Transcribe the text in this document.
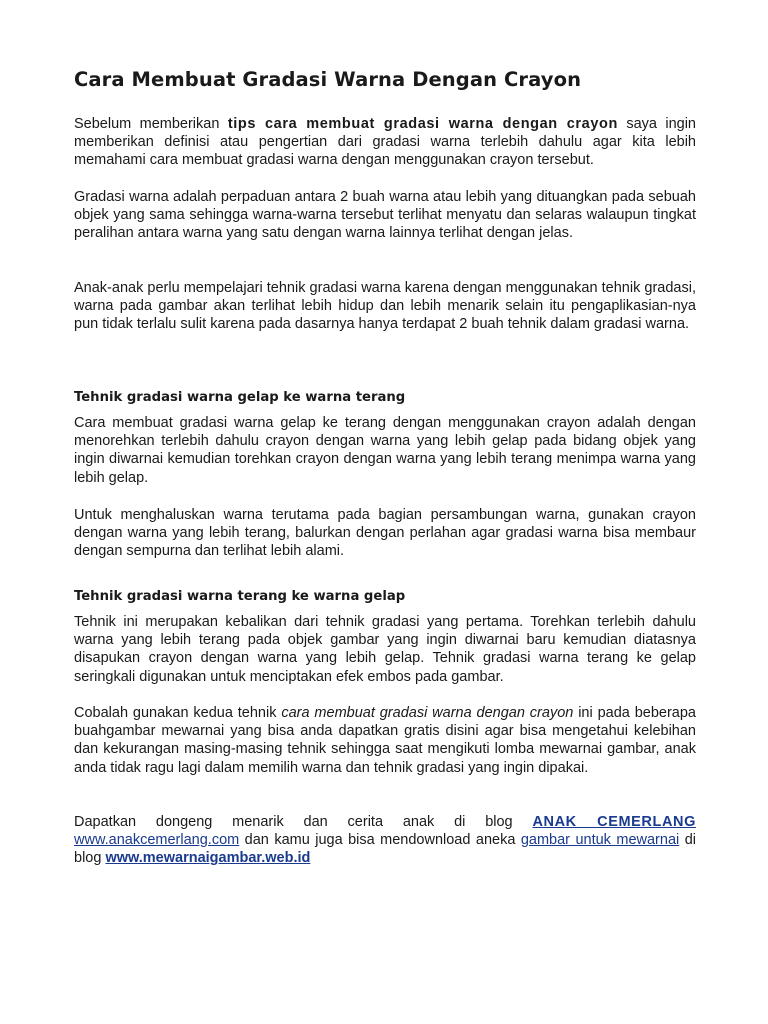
Cara Membuat Gradasi Warna Dengan Crayon

Sebelum memberikan tips cara membuat gradasi warna dengan crayon saya ingin memberikan definisi atau pengertian dari gradasi warna terlebih dahulu agar kita lebih memahami cara membuat gradasi warna dengan menggunakan crayon tersebut.

Gradasi warna adalah perpaduan antara 2 buah warna atau lebih yang dituangkan pada sebuah objek yang sama sehingga warna-warna tersebut terlihat menyatu dan selaras walaupun tingkat peralihan antara warna yang satu dengan warna lainnya terlihat dengan jelas.

Anak-anak perlu mempelajari tehnik gradasi warna karena dengan menggunakan tehnik gradasi, warna pada gambar akan terlihat lebih hidup dan lebih menarik selain itu pengaplikasian-nya pun tidak terlalu sulit karena pada dasarnya hanya terdapat 2 buah tehnik dalam gradasi warna.

Tehnik gradasi warna gelap ke warna terang

Cara membuat gradasi warna gelap ke terang dengan menggunakan crayon adalah dengan menorehkan terlebih dahulu crayon dengan warna yang lebih gelap pada bidang objek yang ingin diwarnai kemudian torehkan crayon dengan warna yang lebih terang menimpa warna yang lebih gelap.

Untuk menghaluskan warna terutama pada bagian persambungan warna, gunakan crayon dengan warna yang lebih terang, balurkan dengan perlahan agar gradasi warna bisa membaur dengan sempurna dan terlihat lebih alami.

Tehnik gradasi warna terang ke warna gelap

Tehnik ini merupakan kebalikan dari tehnik gradasi yang pertama. Torehkan terlebih dahulu warna yang lebih terang pada objek gambar yang ingin diwarnai baru kemudian diatasnya disapukan crayon dengan warna yang lebih gelap. Tehnik gradasi warna terang ke gelap seringkali digunakan untuk menciptakan efek embos pada gambar.

Cobalah gunakan kedua tehnik cara membuat gradasi warna dengan crayon ini pada beberapa buahgambar mewarnai yang bisa anda dapatkan gratis disini agar bisa mengetahui kelebihan dan kekurangan masing-masing tehnik sehingga saat mengikuti lomba mewarnai gambar, anak anda tidak ragu lagi dalam memilih warna dan tehnik gradasi yang ingin dipakai.

Dapatkan dongeng menarik dan cerita anak di blog ANAK CEMERLANG www.anakcemerlang.com dan kamu juga bisa mendownload aneka gambar untuk mewarnai di blog www.mewarnaigambar.web.id
